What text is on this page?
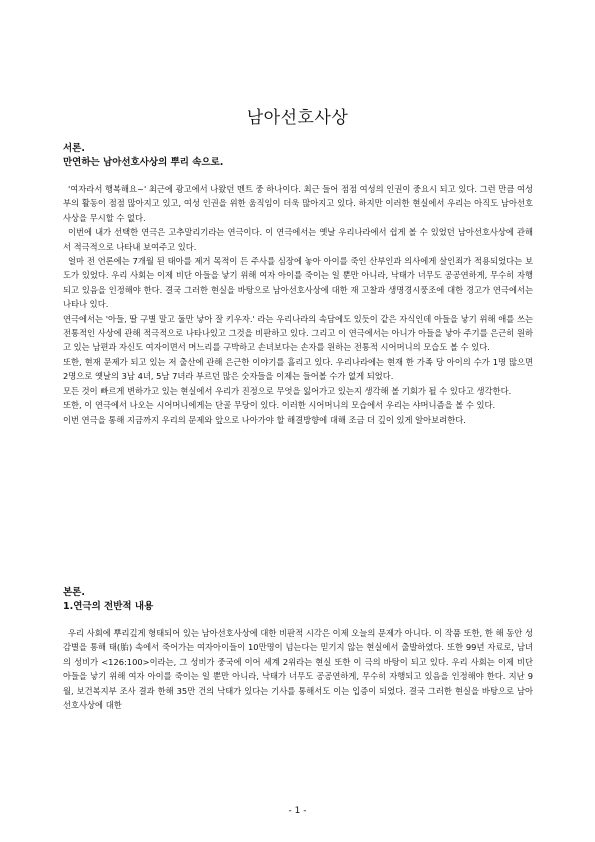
남아선호사상

서론.

만연하는 남아선호사상의 뿌리 속으로.

'여자라서 행복해요~' 최근에 광고에서 나왔던 멘트 중 하나이다. 최근 들어 점점 여성의 인권이 중요시 되고 있다. 그런 만큼 여성부의 활동이 점점 많아지고 있고, 여성 인권을 위한 움직임이 더욱 많아지고 있다. 하지만 이러한 현실에서 우리는 아직도 남아선호사상을 무시할 수 없다.

이번에 내가 선택한 연극은 고추말리기라는 연극이다. 이 연극에서는 옛날 우리나라에서 쉽게 볼 수 있었던 남아선호사상에 관해서 적극적으로 나타내 보여주고 있다.

얼마 전 언론에는 7개월 된 태아를 제거 목적이 든 주사를 심장에 놓아 아이를 죽인 산부인과 의사에게 살인죄가 적용되었다는 보도가 있었다. 우리 사회는 이제 비단 아들을 낳기 위해 여자 아이를 죽이는 일 뿐만 아니라, 낙태가 너무도 공공연하게, 무수히 자행되고 있음을 인정해야 한다. 결국 그러한 현실을 바탕으로 남아선호사상에 대한 재 고찰과 생명경시풍조에 대한 경고가 연극에서는 나타나 있다.

연극에서는 '아들, 딸 구별 말고 둘만 낳아 잘 키우자.' 라는 우리나라의 속담에도 있듯이 같은 자식인데 아들을 낳기 위해 애를 쓰는 전통적인 사상에 관해 적극적으로 나타나있고 그것을 비판하고 있다. 그리고 이 연극에서는 아니가 아들을 낳아 주기를 은근히 원하고 있는 남편과 자신도 여자이면서 며느리를 구박하고 손녀보다는 손자를 원하는 전통적 시어머니의 모습도 볼 수 있다.

또한, 현재 문제가 되고 있는 저 출산에 관해 은근한 이야기를 흘리고 있다. 우리나라에는 현재 한 가족 당 아이의 수가 1명 많으면 2명으로 옛날의 3남 4녀, 5남 7녀라 부르던 많은 숫자들을 이제는 들어볼 수가 없게 되었다.

모든 것이 빠르게 변하가고 있는 현실에서 우리가 진정으로 무엇을 잃어가고 있는지 생각해 볼 기회가 될 수 있다고 생각한다.

또한, 이 연극에서 나오는 시어머니에게는 단골 무당이 있다. 이러한 시어머니의 모습에서 우리는 샤머니즘을 볼 수 있다.

이번 연극을 통해 지금까지 우리의 문제와 앞으로 나아가야 할 해결방향에 대해 조금 더 깊이 있게 알아보려한다.

본론.

1.연극의 전반적 내용

우리 사회에 뿌리깊게 형태되어 있는 남아선호사상에 대한 비판적 시각은 이제 오늘의 문제가 아니다. 이 작품 또한, 한 해 동안 성감별을 통해 태(胎) 속에서 죽어가는 여자아이들이 10만명이 넘는다는 믿기지 않는 현실에서 출발하였다. 또한 99년 자료로, 남녀의 성비가 <126:100>이라는, 그 성비가 중국에 이어 세계 2위라는 현실 또한 이 극의 바탕이 되고 있다. 우리 사회는 이제 비단 아들을 낳기 위해 여자 아이를 죽이는 일 뿐만 아니라, 낙태가 너무도 공공연하게, 무수히 자행되고 있음을 인정해야 한다. 지난 9월, 보건복지부 조사 결과 한해 35만 건의 낙태가 있다는 기사를 통해서도 이는 입증이 되었다. 결국 그러한 현실을 바탕으로 남아선호사상에 대한

- 1 -
